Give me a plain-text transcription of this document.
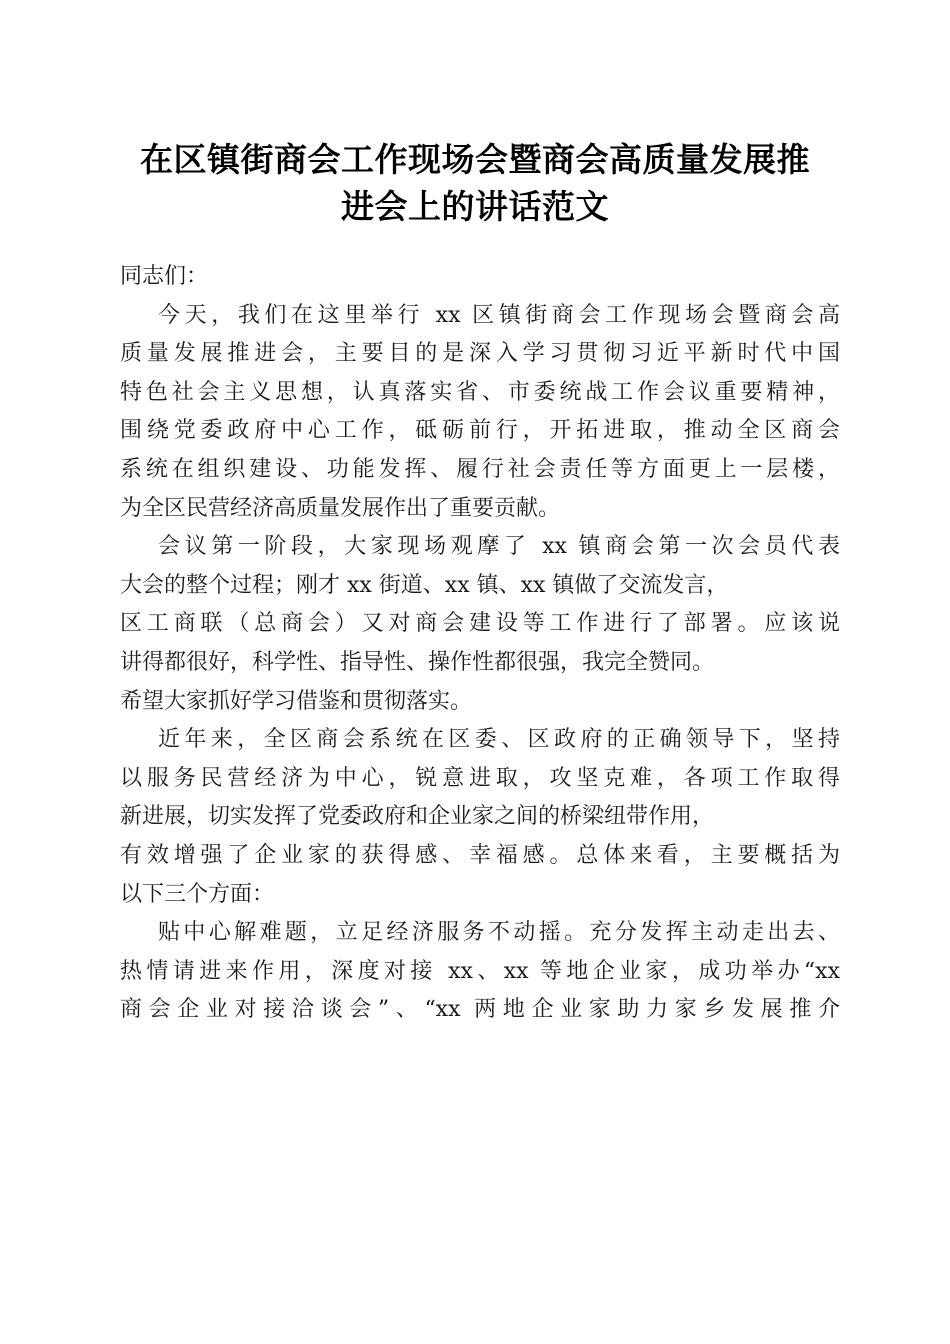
在区镇街商会工作现场会暨商会高质量发展推
进会上的讲话范文
同志们：
今天，我们在这里举行 xx 区镇街商会工作现场会暨商会高
质量发展推进会，主要目的是深入学习贯彻习近平新时代中国
特色社会主义思想，认真落实省、市委统战工作会议重要精神，
围绕党委政府中心工作，砥砺前行，开拓进取，推动全区商会
系统在组织建设、功能发挥、履行社会责任等方面更上一层楼，
为全区民营经济高质量发展作出了重要贡献。
会议第一阶段，大家现场观摩了 xx 镇商会第一次会员代表
大会的整个过程；刚才 xx 街道、xx 镇、xx 镇做了交流发言，
区工商联（总商会）又对商会建设等工作进行了部署。应该说
讲得都很好，科学性、指导性、操作性都很强，我完全赞同。
希望大家抓好学习借鉴和贯彻落实。
近年来，全区商会系统在区委、区政府的正确领导下，坚持
以服务民营经济为中心，锐意进取，攻坚克难，各项工作取得
新进展，切实发挥了党委政府和企业家之间的桥梁纽带作用，
有效增强了企业家的获得感、幸福感。总体来看，主要概括为
以下三个方面：
贴中心解难题，立足经济服务不动摇。充分发挥主动走出去、
热情请进来作用，深度对接 xx、xx 等地企业家，成功举办“xx
商会企业对接洽谈会”、“xx 两地企业家助力家乡发展推介
